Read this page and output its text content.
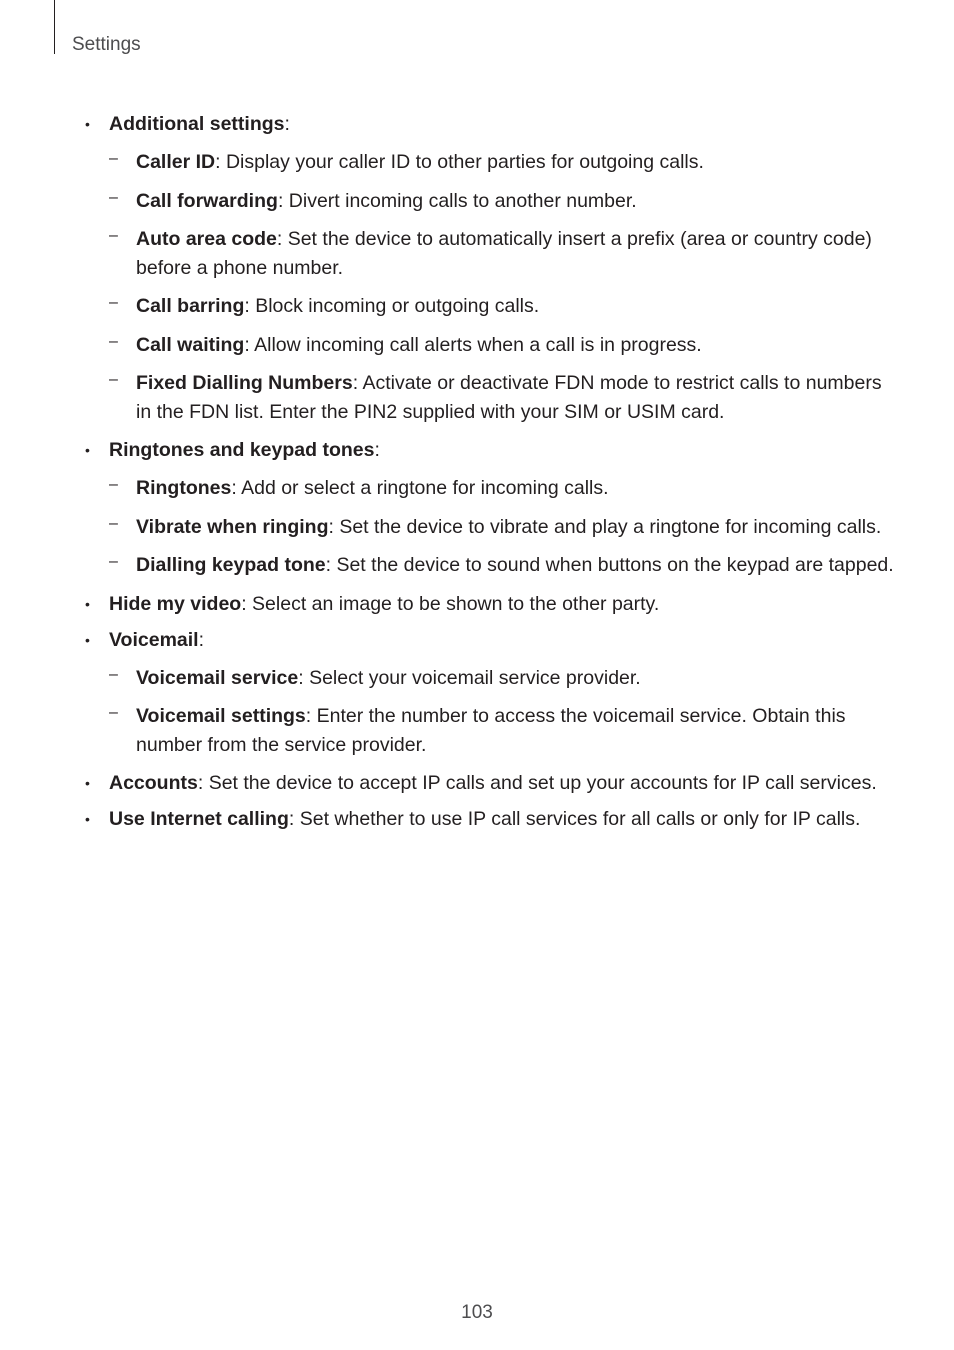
Settings
• Additional settings:
– Caller ID: Display your caller ID to other parties for outgoing calls.
– Call forwarding: Divert incoming calls to another number.
– Auto area code: Set the device to automatically insert a prefix (area or country code) before a phone number.
– Call barring: Block incoming or outgoing calls.
– Call waiting: Allow incoming call alerts when a call is in progress.
– Fixed Dialling Numbers: Activate or deactivate FDN mode to restrict calls to numbers in the FDN list. Enter the PIN2 supplied with your SIM or USIM card.
• Ringtones and keypad tones:
– Ringtones: Add or select a ringtone for incoming calls.
– Vibrate when ringing: Set the device to vibrate and play a ringtone for incoming calls.
– Dialling keypad tone: Set the device to sound when buttons on the keypad are tapped.
• Hide my video: Select an image to be shown to the other party.
• Voicemail:
– Voicemail service: Select your voicemail service provider.
– Voicemail settings: Enter the number to access the voicemail service. Obtain this number from the service provider.
• Accounts: Set the device to accept IP calls and set up your accounts for IP call services.
• Use Internet calling: Set whether to use IP call services for all calls or only for IP calls.
103
